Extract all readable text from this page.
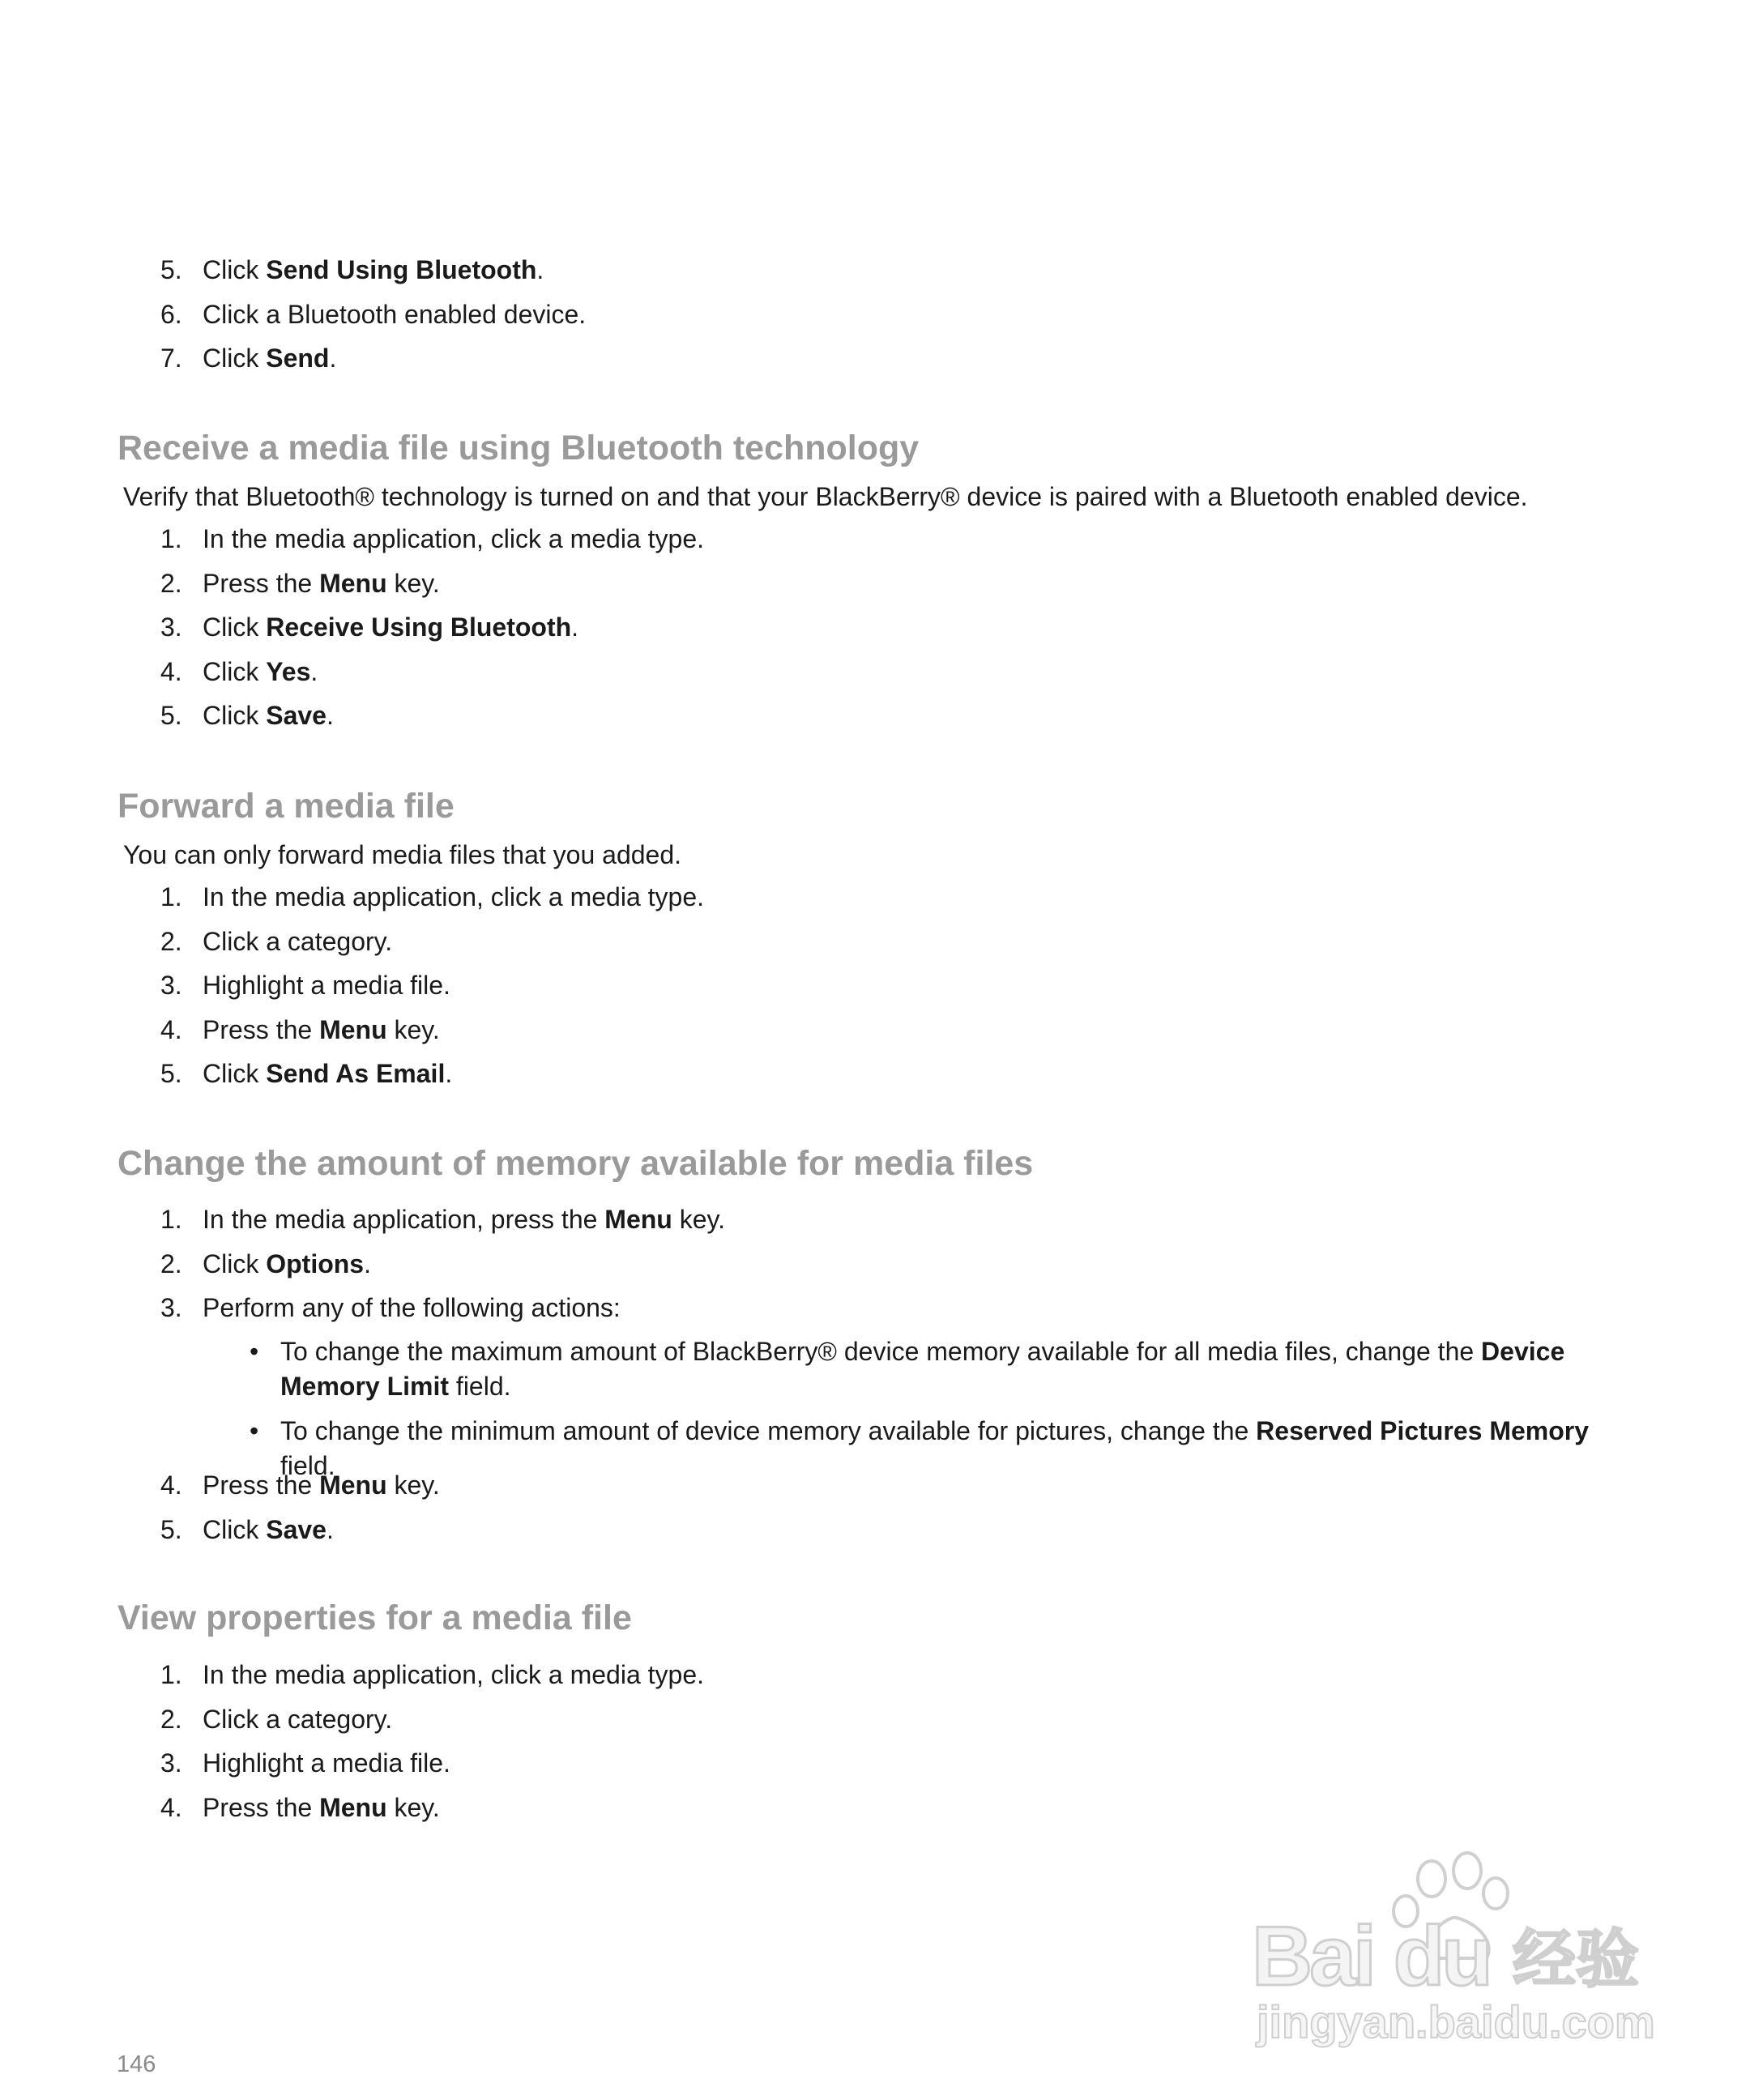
5. Click Send Using Bluetooth.
6. Click a Bluetooth enabled device.
7. Click Send.
Receive a media file using Bluetooth technology

Verify that Bluetooth® technology is turned on and that your BlackBerry® device is paired with a Bluetooth enabled device.

1. In the media application, click a media type.
2. Press the Menu key.
3. Click Receive Using Bluetooth.
4. Click Yes.
5. Click Save.
Forward a media file

You can only forward media files that you added.

1. In the media application, click a media type.
2. Click a category.
3. Highlight a media file.
4. Press the Menu key.
5. Click Send As Email.
Change the amount of memory available for media files
1. In the media application, press the Menu key.
2. Click Options.
3. Perform any of the following actions:
• To change the maximum amount of BlackBerry® device memory available for all media files, change the Device Memory Limit field.
• To change the minimum amount of device memory available for pictures, change the Reserved Pictures Memory field.
4. Press the Menu key.
5. Click Save.
View properties for a media file
1. In the media application, click a media type.
2. Click a category.
3. Highlight a media file.
4. Press the Menu key.
Bai du 经验
jingyan.baidu.com

146
